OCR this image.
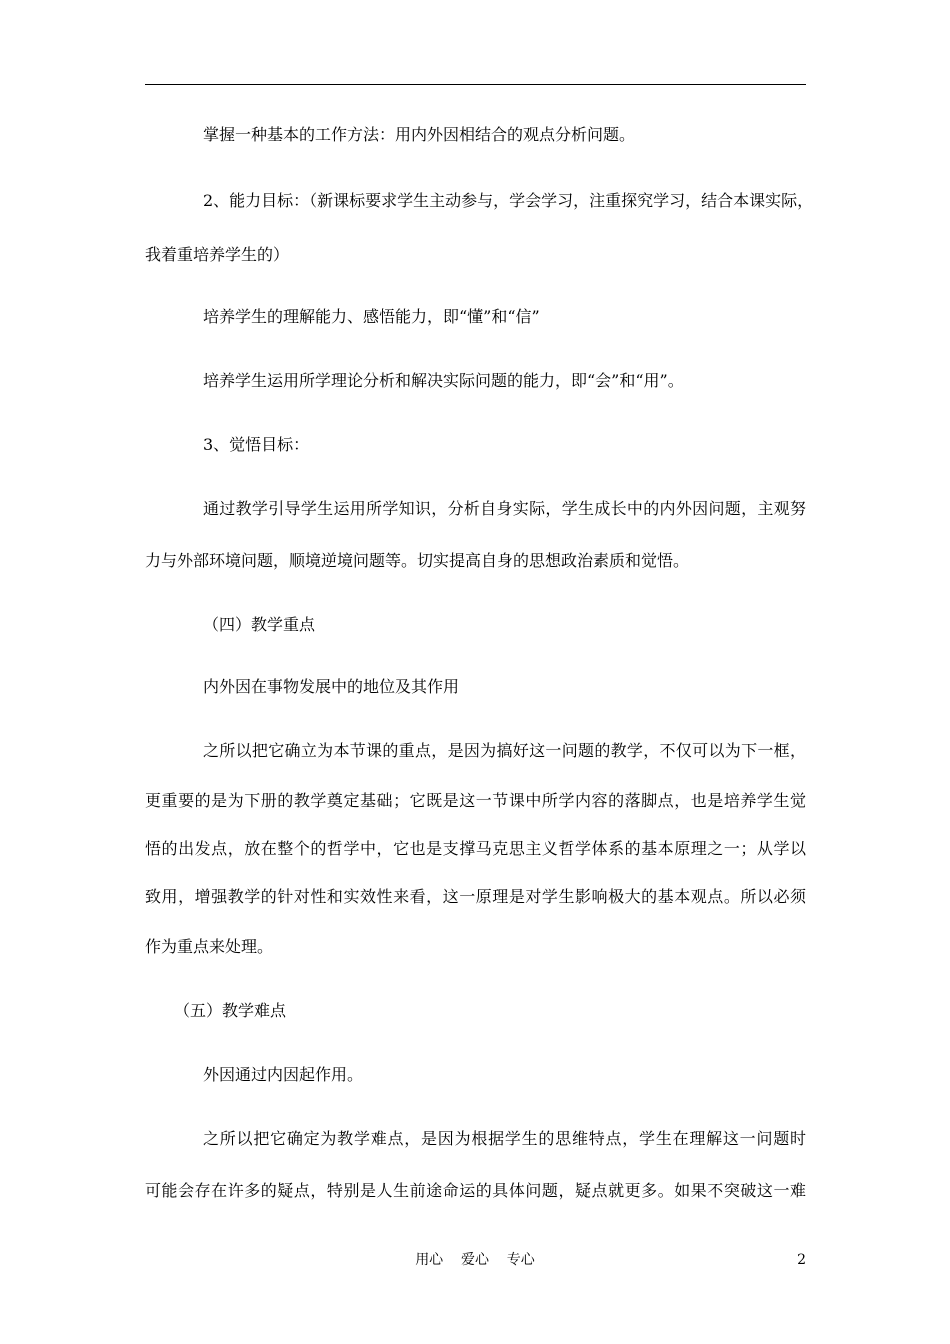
掌握一种基本的工作方法：用内外因相结合的观点分析问题。
2、能力目标：（新课标要求学生主动参与，学会学习，注重探究学习，结合本课实际，
我着重培养学生的）
培养学生的理解能力、感悟能力，即“懂”和“信”
培养学生运用所学理论分析和解决实际问题的能力，即“会”和“用”。
3、觉悟目标：
通过教学引导学生运用所学知识，分析自身实际，学生成长中的内外因问题，主观努
力与外部环境问题，顺境逆境问题等。切实提高自身的思想政治素质和觉悟。
（四）教学重点
内外因在事物发展中的地位及其作用
之所以把它确立为本节课的重点，是因为搞好这一问题的教学，不仅可以为下一框，
更重要的是为下册的教学奠定基础；它既是这一节课中所学内容的落脚点，也是培养学生觉
悟的出发点，放在整个的哲学中，它也是支撑马克思主义哲学体系的基本原理之一；从学以
致用，增强教学的针对性和实效性来看，这一原理是对学生影响极大的基本观点。所以必须
作为重点来处理。
（五）教学难点
外因通过内因起作用。
之所以把它确定为教学难点，是因为根据学生的思维特点，学生在理解这一问题时
可能会存在许多的疑点，特别是人生前途命运的具体问题，疑点就更多。如果不突破这一难
用心    爱心    专心	2
